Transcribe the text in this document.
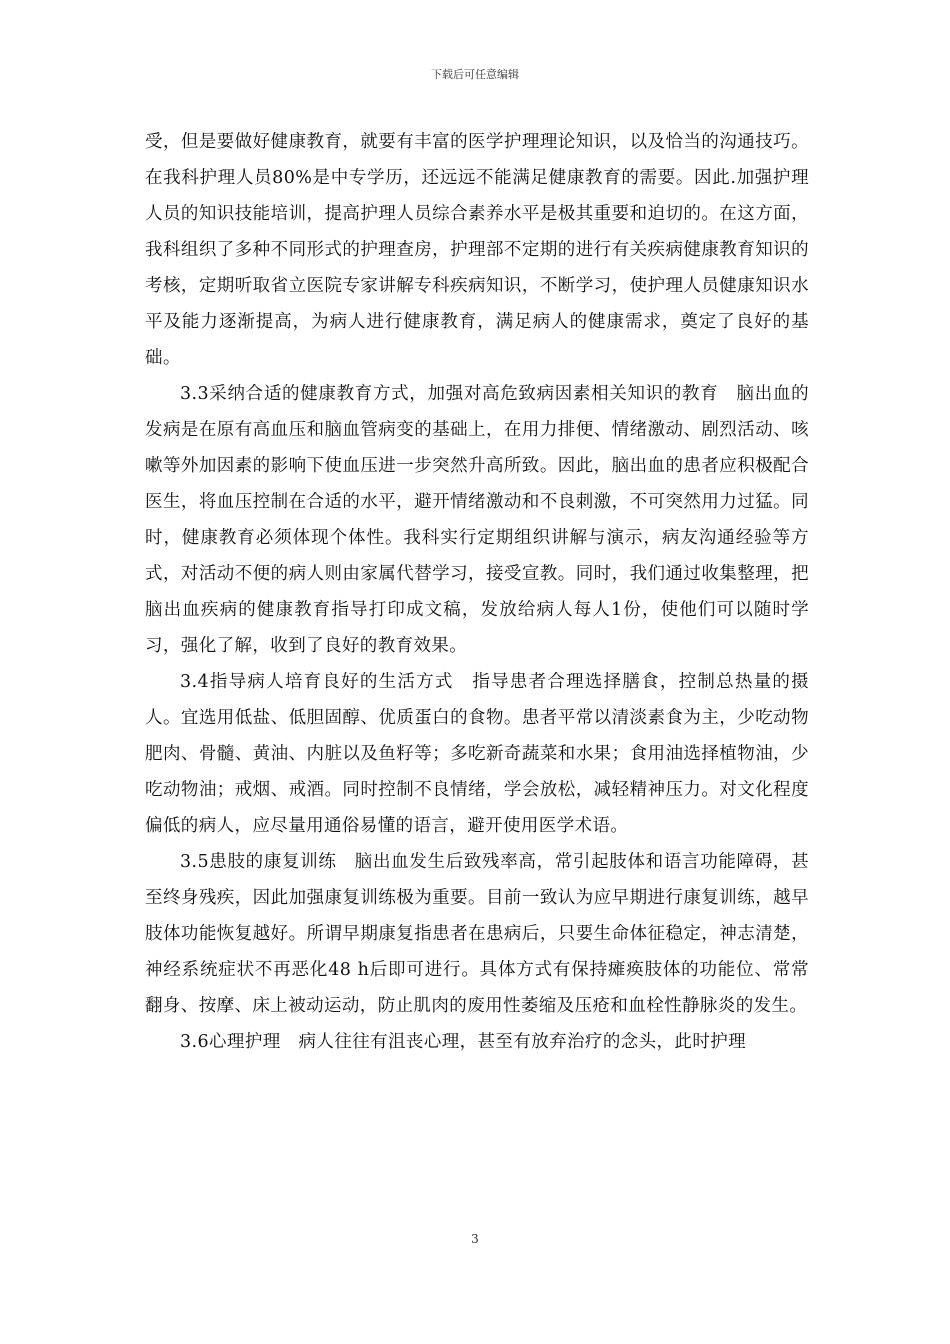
下载后可任意编辑

受，但是要做好健康教育，就要有丰富的医学护理理论知识，以及恰当的沟通技巧。在我科护理人员80%是中专学历，还远远不能满足健康教育的需要。因此.加强护理人员的知识技能培训，提高护理人员综合素养水平是极其重要和迫切的。在这方面，我科组织了多种不同形式的护理查房，护理部不定期的进行有关疾病健康教育知识的考核，定期听取省立医院专家讲解专科疾病知识，不断学习，使护理人员健康知识水平及能力逐渐提高，为病人进行健康教育，满足病人的健康需求，奠定了良好的基础。

3.3采纳合适的健康教育方式，加强对高危致病因素相关知识的教育　脑出血的发病是在原有高血压和脑血管病变的基础上，在用力排便、情绪激动、剧烈活动、咳嗽等外加因素的影响下使血压进一步突然升高所致。因此，脑出血的患者应积极配合医生，将血压控制在合适的水平，避开情绪激动和不良刺激，不可突然用力过猛。同时，健康教育必须体现个体性。我科实行定期组织讲解与演示，病友沟通经验等方式，对活动不便的病人则由家属代替学习，接受宣教。同时，我们通过收集整理，把脑出血疾病的健康教育指导打印成文稿，发放给病人每人1份，使他们可以随时学习，强化了解，收到了良好的教育效果。

3.4指导病人培育良好的生活方式　指导患者合理选择膳食，控制总热量的摄人。宜选用低盐、低胆固醇、优质蛋白的食物。患者平常以清淡素食为主，少吃动物肥肉、骨髓、黄油、内脏以及鱼籽等；多吃新奇蔬菜和水果；食用油选择植物油，少吃动物油；戒烟、戒酒。同时控制不良情绪，学会放松，减轻精神压力。对文化程度偏低的病人，应尽量用通俗易懂的语言，避开使用医学术语。

3.5患肢的康复训练　脑出血发生后致残率高，常引起肢体和语言功能障碍，甚至终身残疾，因此加强康复训练极为重要。目前一致认为应早期进行康复训练，越早肢体功能恢复越好。所谓早期康复指患者在患病后，只要生命体征稳定，神志清楚，神经系统症状不再恶化48 h后即可进行。具体方式有保持瘫痪肢体的功能位、常常翻身、按摩、床上被动运动，防止肌肉的废用性萎缩及压疮和血栓性静脉炎的发生。

3.6心理护理　病人往往有沮丧心理，甚至有放弃治疗的念头，此时护理

3
